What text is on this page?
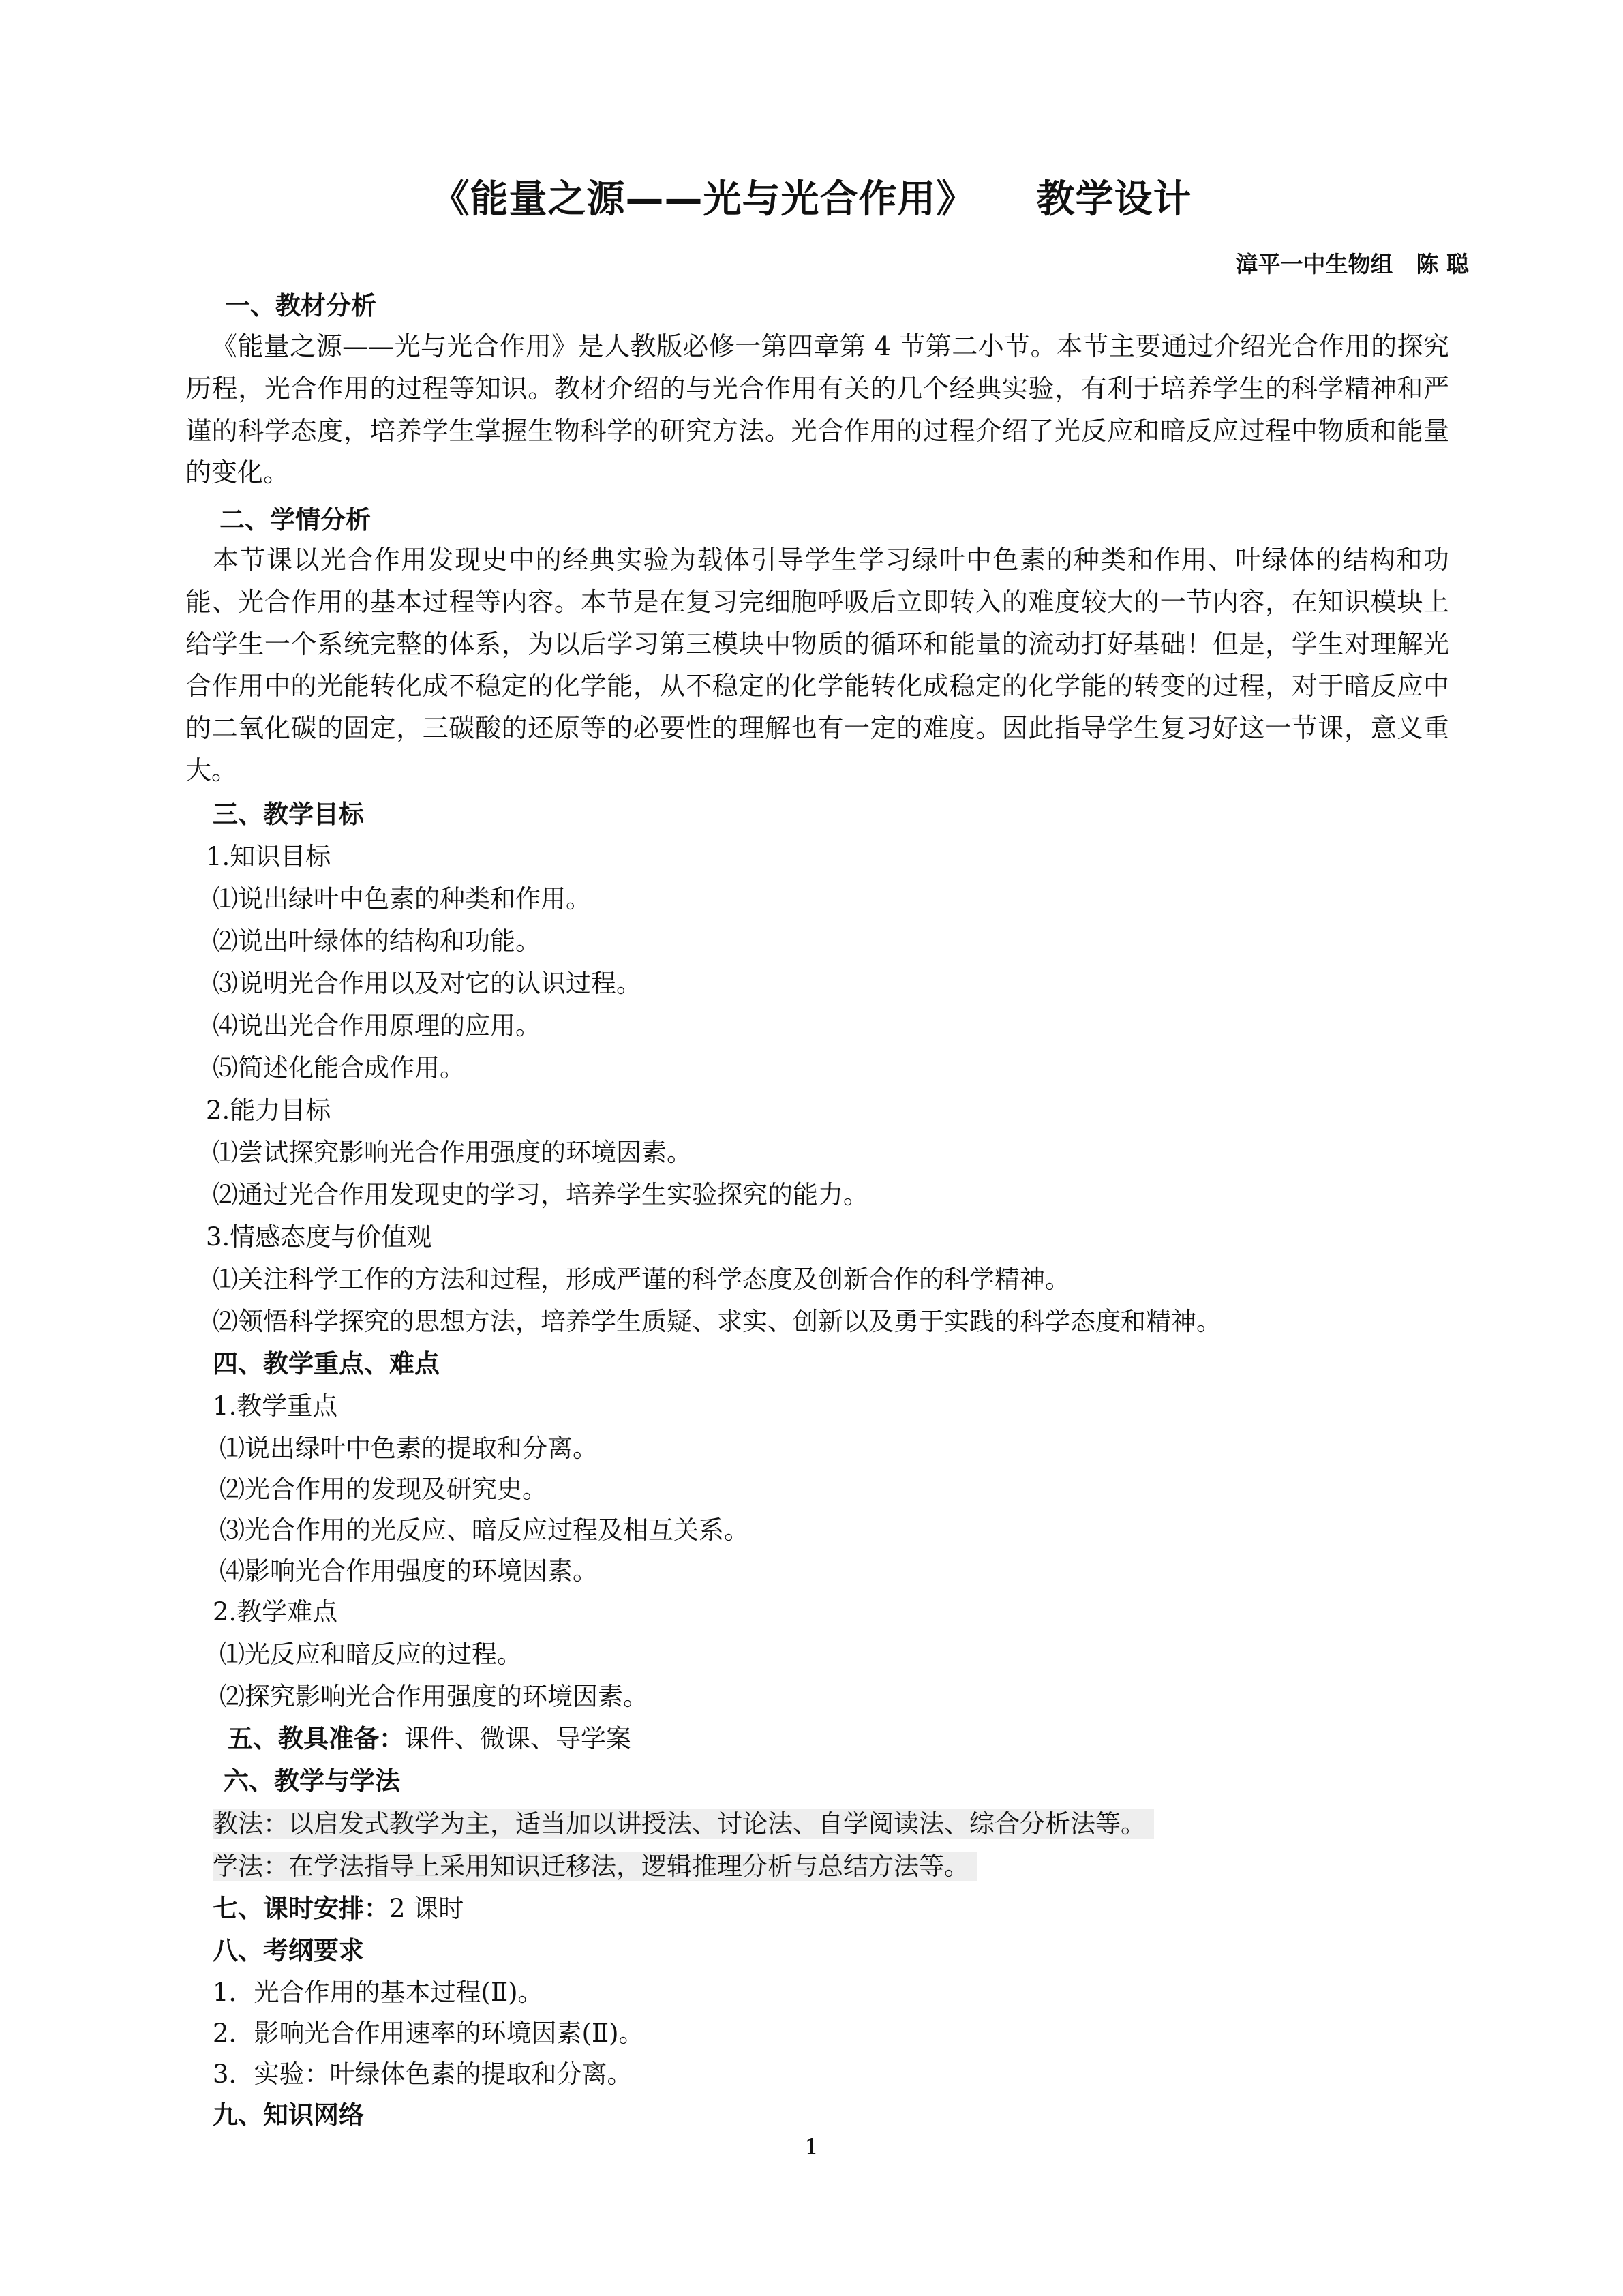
《能量之源——光与光合作用》 教学设计
漳平一中生物组 陈 聪
一、教材分析
《能量之源——光与光合作用》是人教版必修一第四章第 4 节第二小节。本节主要通过介绍光合作用的探究历程，光合作用的过程等知识。教材介绍的与光合作用有关的几个经典实验，有利于培养学生的科学精神和严谨的科学态度，培养学生掌握生物科学的研究方法。光合作用的过程介绍了光反应和暗反应过程中物质和能量的变化。
二、学情分析
本节课以光合作用发现史中的经典实验为载体引导学生学习绿叶中色素的种类和作用、叶绿体的结构和功能、光合作用的基本过程等内容。本节是在复习完细胞呼吸后立即转入的难度较大的一节内容，在知识模块上给学生一个系统完整的体系，为以后学习第三模块中物质的循环和能量的流动打好基础！但是，学生对理解光合作用中的光能转化成不稳定的化学能，从不稳定的化学能转化成稳定的化学能的转变的过程，对于暗反应中的二氧化碳的固定，三碳酸的还原等的必要性的理解也有一定的难度。因此指导学生复习好这一节课，意义重大。
三、教学目标
1.知识目标
⑴说出绿叶中色素的种类和作用。
⑵说出叶绿体的结构和功能。
⑶说明光合作用以及对它的认识过程。
⑷说出光合作用原理的应用。
⑸简述化能合成作用。
2.能力目标
⑴尝试探究影响光合作用强度的环境因素。
⑵通过光合作用发现史的学习，培养学生实验探究的能力。
3.情感态度与价值观
⑴关注科学工作的方法和过程，形成严谨的科学态度及创新合作的科学精神。
⑵领悟科学探究的思想方法，培养学生质疑、求实、创新以及勇于实践的科学态度和精神。
四、教学重点、难点
1.教学重点
⑴说出绿叶中色素的提取和分离。
⑵光合作用的发现及研究史。
⑶光合作用的光反应、暗反应过程及相互关系。
⑷影响光合作用强度的环境因素。
2.教学难点
⑴光反应和暗反应的过程。
⑵探究影响光合作用强度的环境因素。
五、教具准备：课件、微课、导学案
六、教学与学法
教法：以启发式教学为主，适当加以讲授法、讨论法、自学阅读法、综合分析法等。
学法：在学法指导上采用知识迁移法，逻辑推理分析与总结方法等。
七、课时安排：2 课时
八、考纲要求
1．光合作用的基本过程(Ⅱ)。
2．影响光合作用速率的环境因素(Ⅱ)。
3．实验：叶绿体色素的提取和分离。
九、知识网络
1
